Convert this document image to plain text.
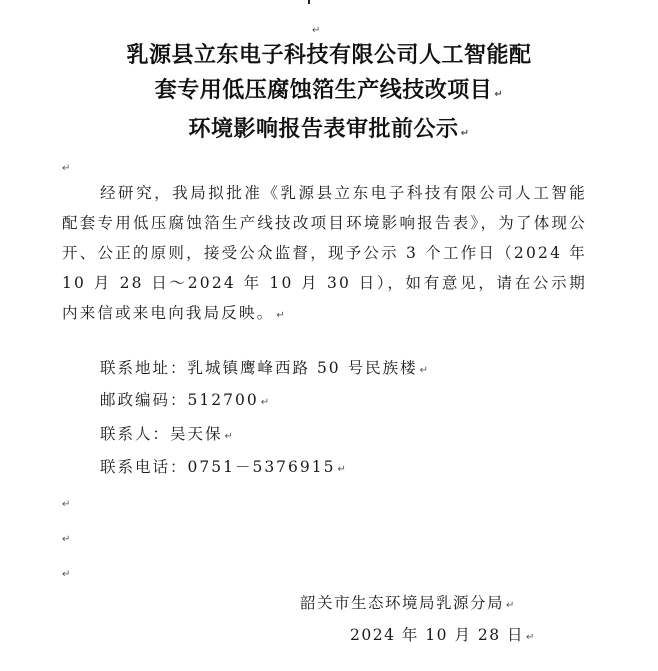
↵
乳源县立东电子科技有限公司人工智能配
套专用低压腐蚀箔生产线技改项目 ↵
环境影响报告表审批前公示 ↵
↵
经研究，我局拟批准《乳源县立东电子科技有限公司人工智能配套专用低压腐蚀箔生产线技改项目环境影响报告表》，为了体现公开、公正的原则，接受公众监督，现予公示 3 个工作日（2024 年 10 月 28 日～2024 年 10 月 30 日），如有意见，请在公示期内来信或来电向我局反映。 ↵
联系地址：乳城镇鹰峰西路 50 号民族楼 ↵
邮政编码：512700 ↵
联系人：吴天保 ↵
联系电话：0751－5376915 ↵
↵
↵
↵
韶关市生态环境局乳源分局 ↵
2024 年 10 月 28 日 ↵
